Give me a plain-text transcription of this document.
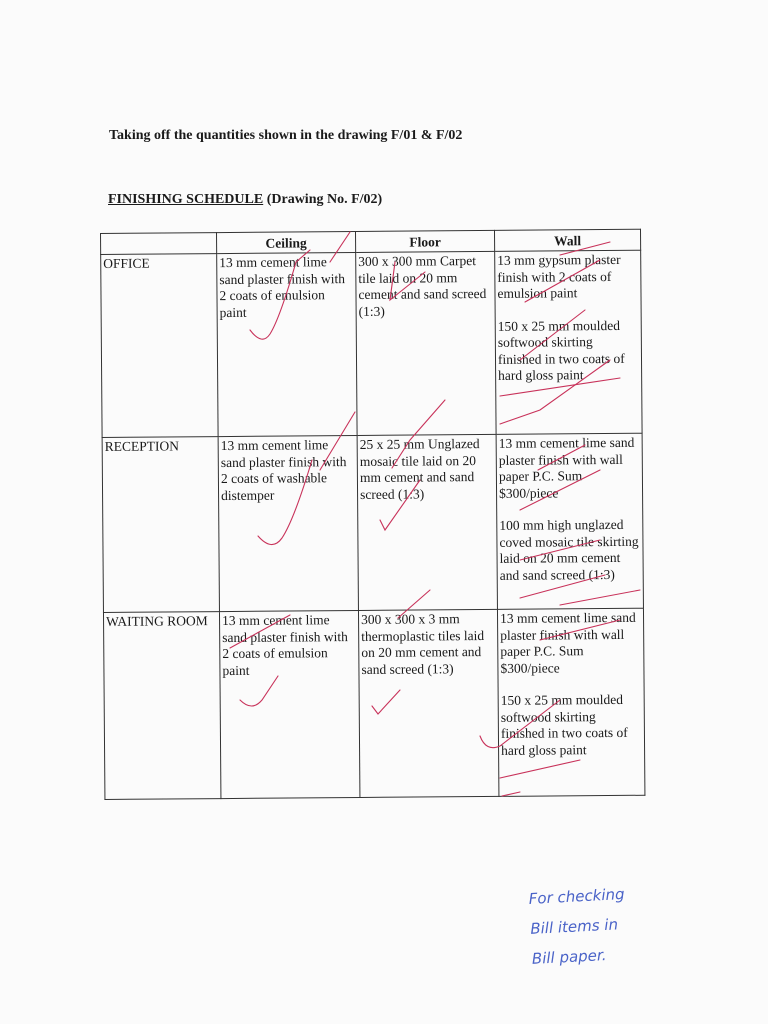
Taking off the quantities shown in the drawing F/01 & F/02
FINISHING SCHEDULE (Drawing No. F/02)
	Ceiling	Floor	Wall
OFFICE	13 mm cement lime sand plaster finish with 2 coats of emulsion paint	300 x 300 mm Carpet tile laid on 20 mm cement and sand screed (1:3)	13 mm gypsum plaster finish with 2 coats of emulsion paint
150 x 25 mm moulded softwood skirting finished in two coats of hard gloss paint

RECEPTION	13 mm cement lime sand plaster finish with 2 coats of washable distemper	25 x 25 mm Unglazed mosaic tile laid on 20 mm cement and sand screed (1:3)	13 mm cement lime sand plaster finish with wall paper P.C. Sum $300/piece
100 mm high unglazed coved mosaic tile skirting laid on 20 mm cement and sand screed (1:3)

WAITING ROOM	13 mm cement lime sand plaster finish with 2 coats of emulsion paint	300 x 300 x 3 mm thermoplastic tiles laid on 20 mm cement and sand screed (1:3)	13 mm cement lime sand plaster finish with wall paper P.C. Sum $300/piece
150 x 25 mm moulded softwood skirting finished in two coats of hard gloss paint
For checking
Bill items in
Bill paper.
